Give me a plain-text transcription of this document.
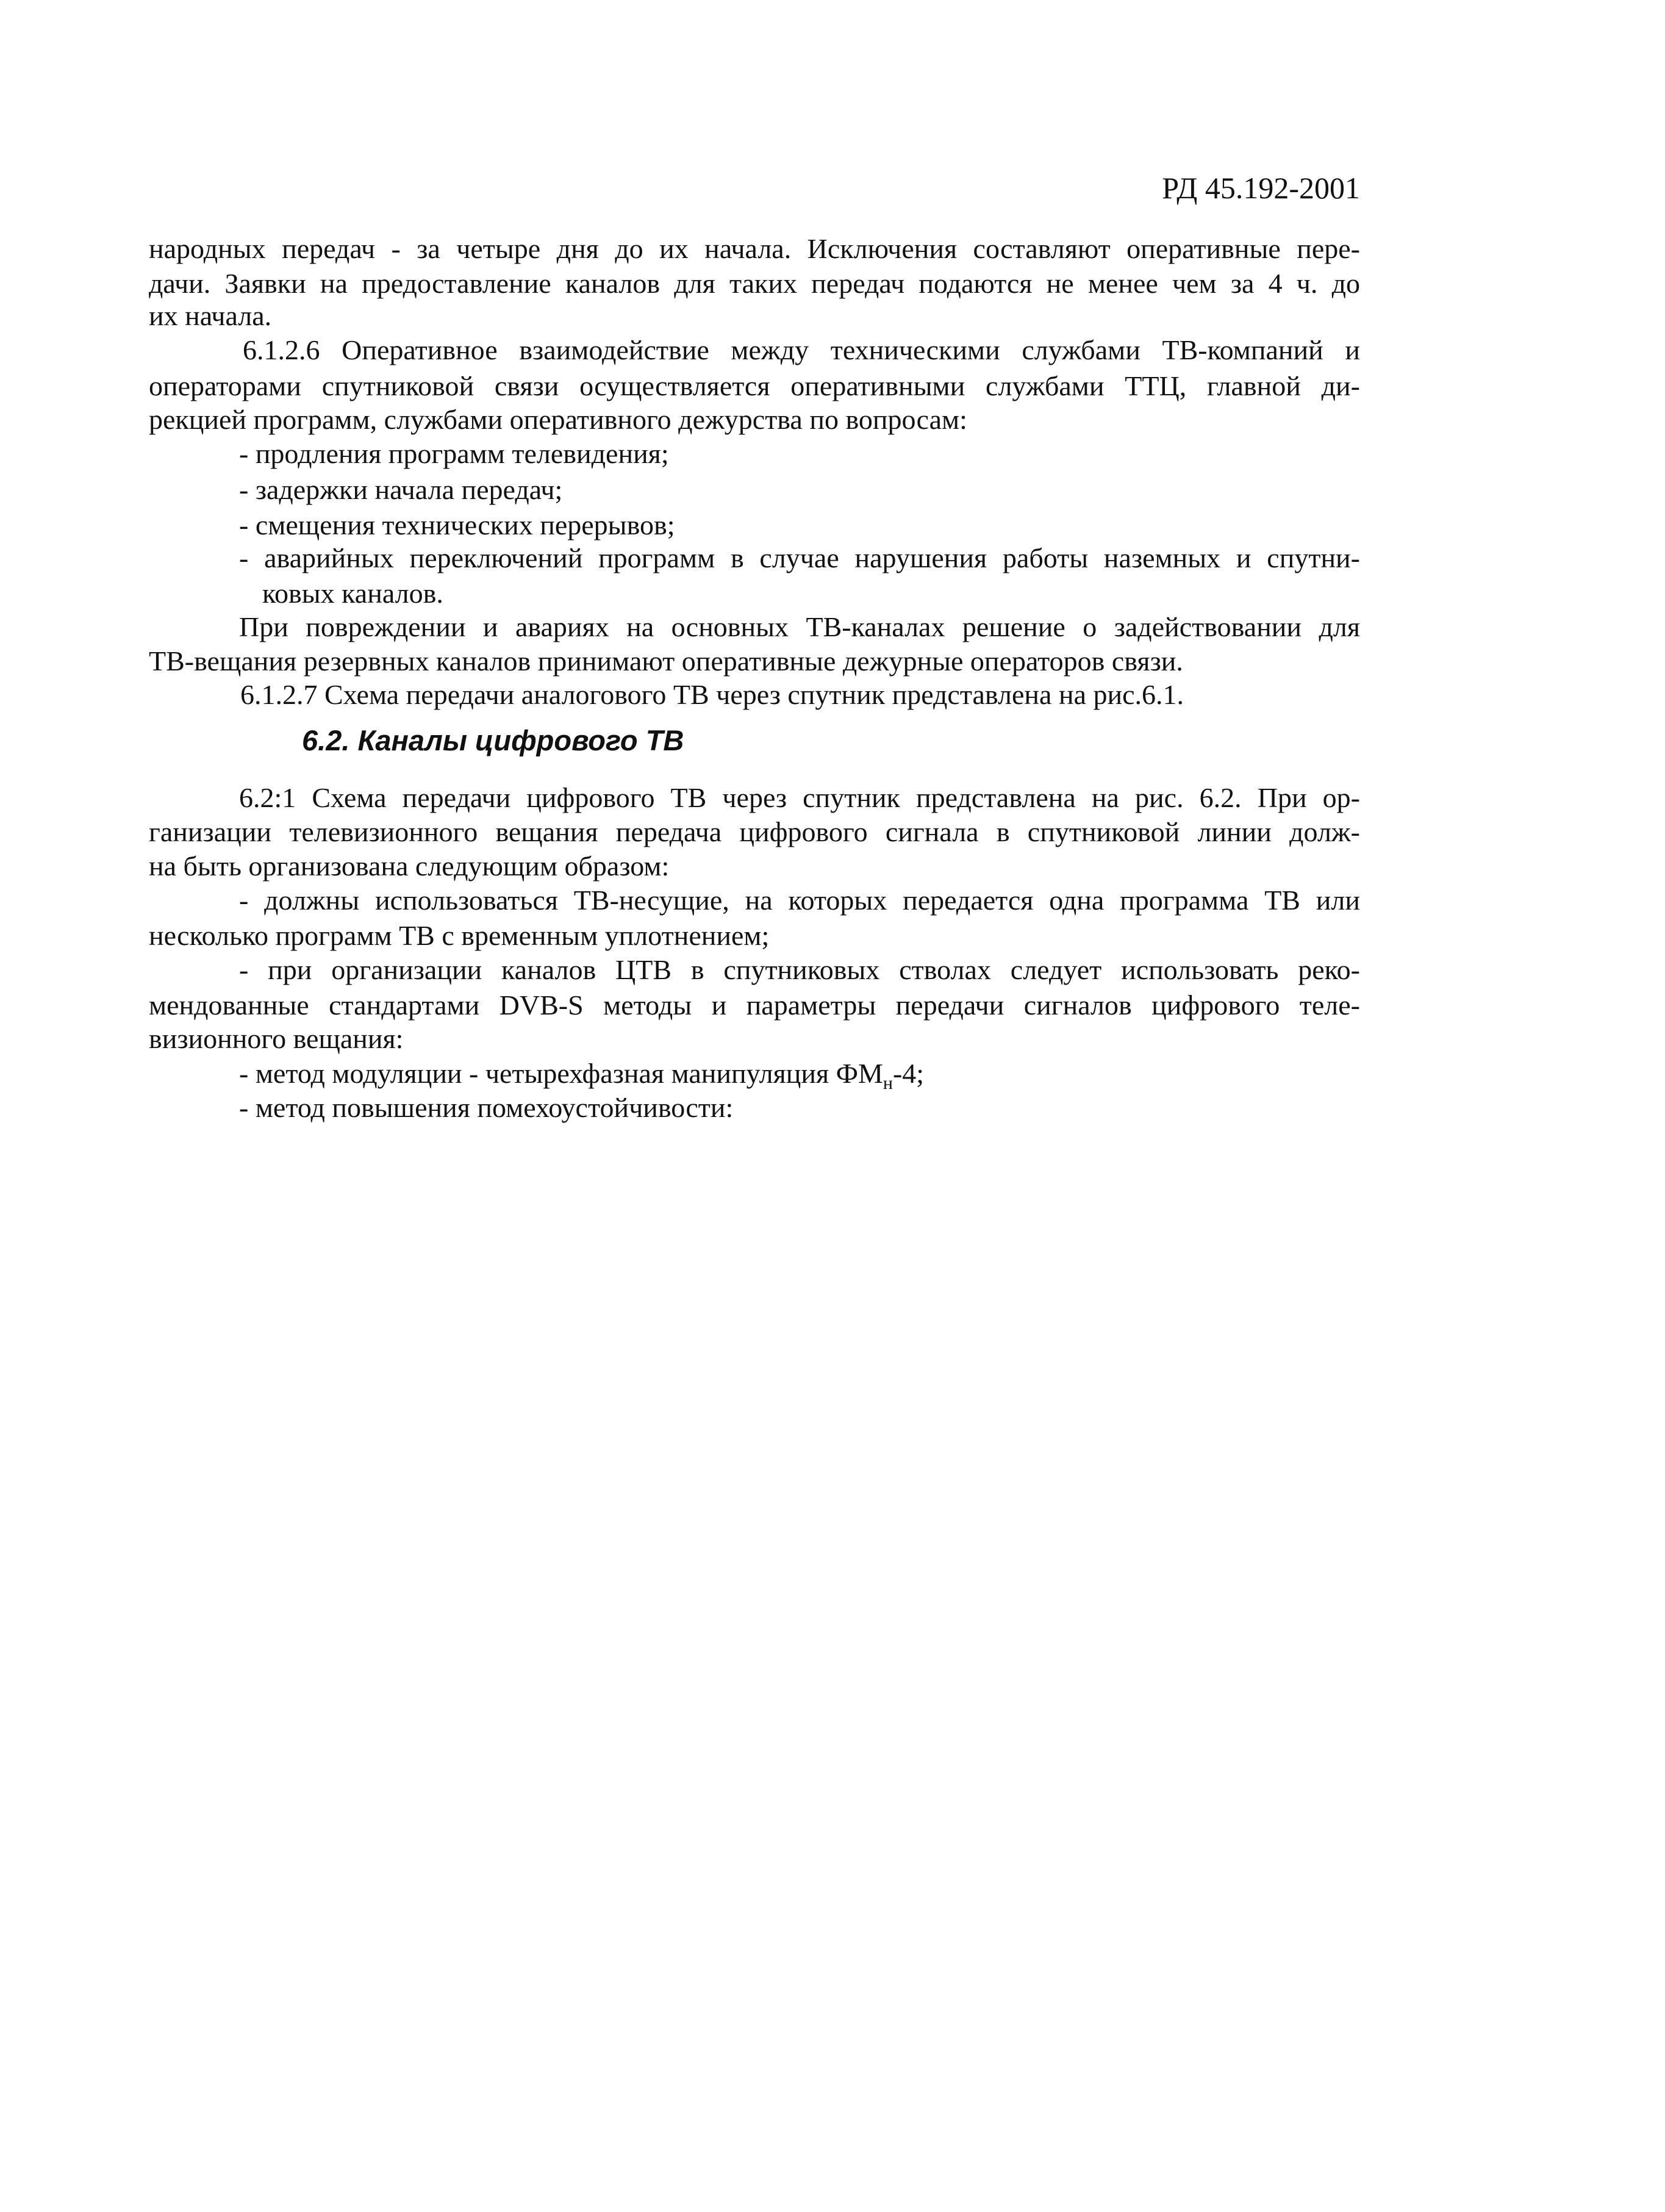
РД 45.192-2001
народных передач - за четыре дня до их начала. Исключения составляют оперативные пере-
дачи. Заявки на предоставление каналов для таких передач подаются не менее чем за 4 ч. до
их начала.
6.1.2.6 Оперативное взаимодействие между техническими службами ТВ-компаний и
операторами спутниковой связи осуществляется оперативными службами ТТЦ, главной ди-
рекцией программ, службами оперативного дежурства по вопросам:
- продления программ телевидения;
- задержки начала передач;
- смещения технических перерывов;
- аварийных переключений программ в случае нарушения работы наземных и спутни-
ковых каналов.
При повреждении и авариях на основных ТВ-каналах решение о задействовании для
ТВ-вещания резервных каналов принимают оперативные дежурные операторов связи.
6.1.2.7 Схема передачи аналогового ТВ через спутник представлена на рис.6.1.
6.2. Каналы цифрового ТВ
6.2:1 Схема передачи цифрового ТВ через спутник представлена на рис. 6.2. При ор-
ганизации телевизионного вещания передача цифрового сигнала в спутниковой линии долж-
на быть организована следующим образом:
- должны использоваться ТВ-несущие, на которых передается одна программа ТВ или
несколько программ ТВ с временным уплотнением;
- при организации каналов ЦТВ в спутниковых стволах следует использовать реко-
мендованные стандартами DVB-S методы и параметры передачи сигналов цифрового теле-
визионного вещания:
- метод модуляции - четырехфазная манипуляция $ФМ_н-4$;
- метод повышения помехоустойчивости:
